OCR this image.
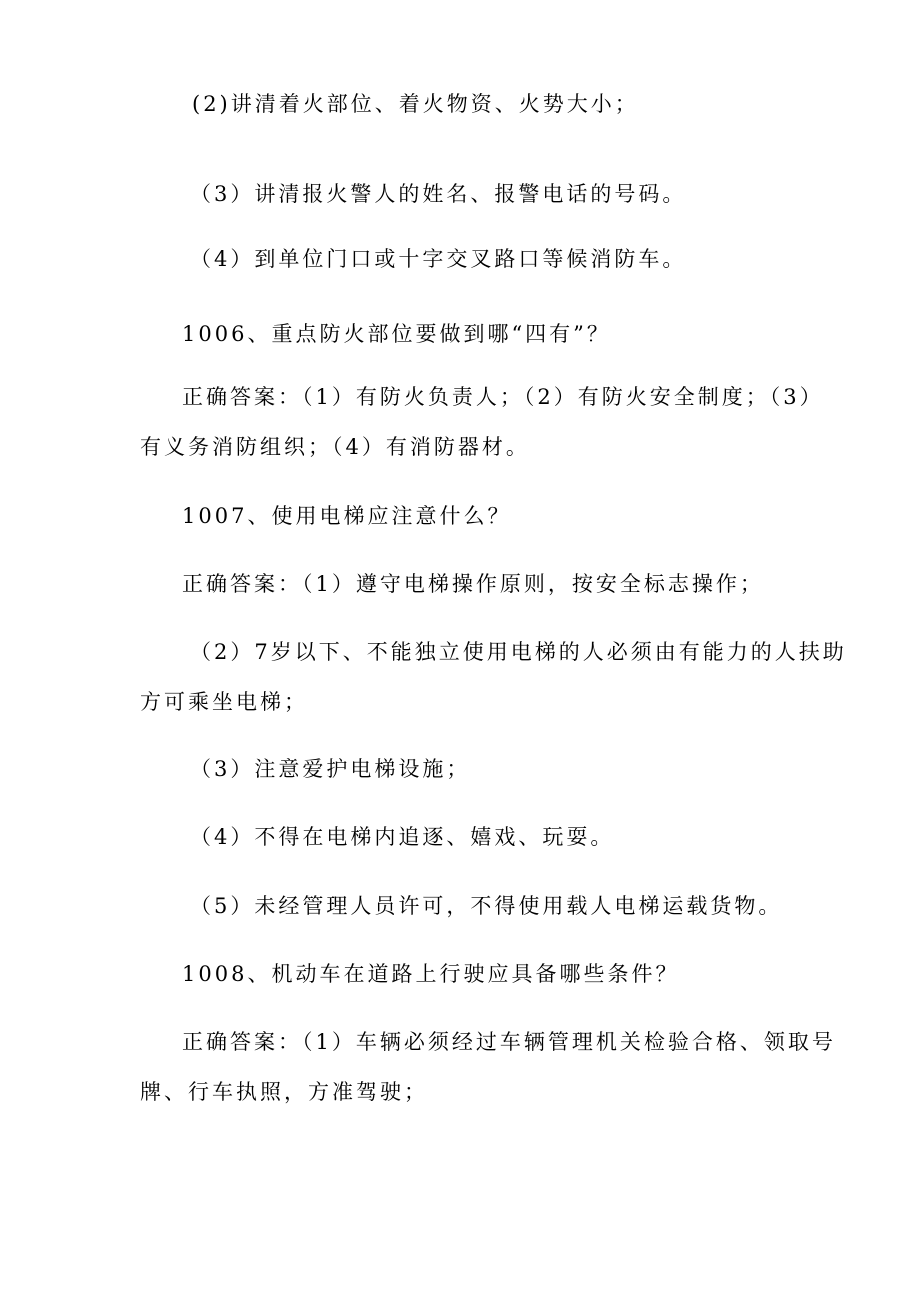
(2)讲清着火部位、着火物资、火势大小；
（3）讲清报火警人的姓名、报警电话的号码。
（4）到单位门口或十字交叉路口等候消防车。
1006、重点防火部位要做到哪“四有”？
正确答案：（1）有防火负责人；（2）有防火安全制度；（3）
有义务消防组织；（4）有消防器材。
1007、使用电梯应注意什么？
正确答案：（1）遵守电梯操作原则，按安全标志操作；
（2）7岁以下、不能独立使用电梯的人必须由有能力的人扶助
方可乘坐电梯；
（3）注意爱护电梯设施；
（4）不得在电梯内追逐、嬉戏、玩耍。
（5）未经管理人员许可，不得使用载人电梯运载货物。
1008、机动车在道路上行驶应具备哪些条件？
正确答案：（1）车辆必须经过车辆管理机关检验合格、领取号
牌、行车执照，方准驾驶；
